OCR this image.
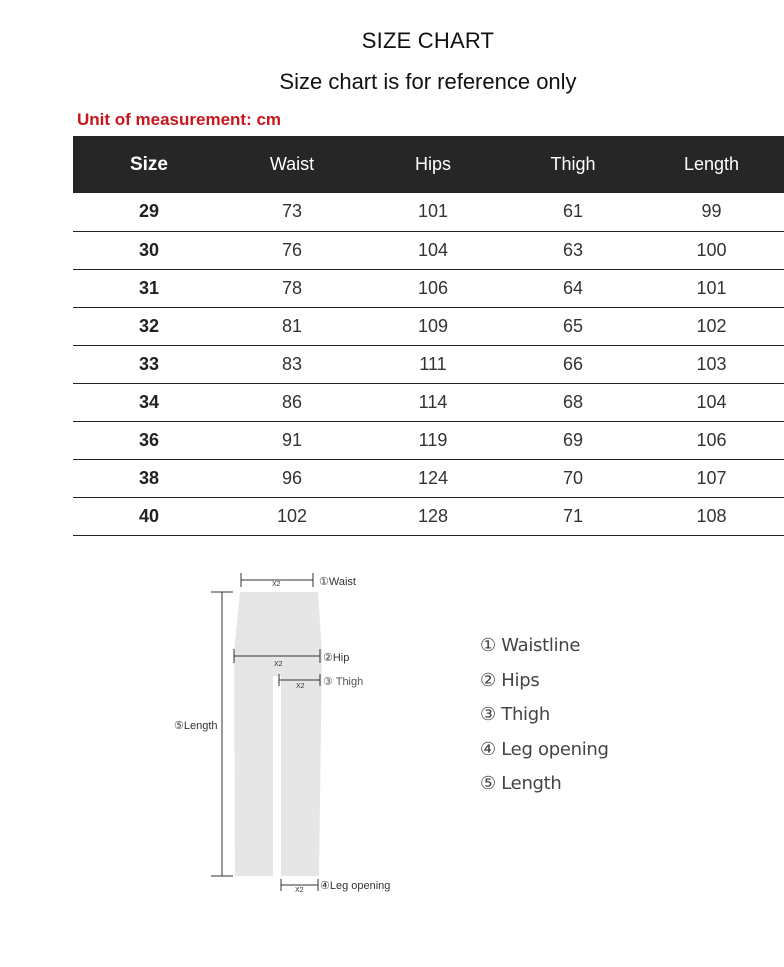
SIZE CHART
Size chart is for reference only
Unit of measurement: cm
Size	Waist	Hips	Thigh	Length
29	73	101	61	99
30	76	104	63	100
31	78	106	64	101
32	81	109	65	102
33	83	111	66	103
34	86	114	68	104
36	91	119	69	106
38	96	124	70	107
40	102	128	71	108
X2	①Waist
X2
②Hip
X2 ③ Thigh
⑤Length
X2 ④Leg opening
① Waistline
② Hips
③ Thigh
④ Leg opening
⑤ Length
